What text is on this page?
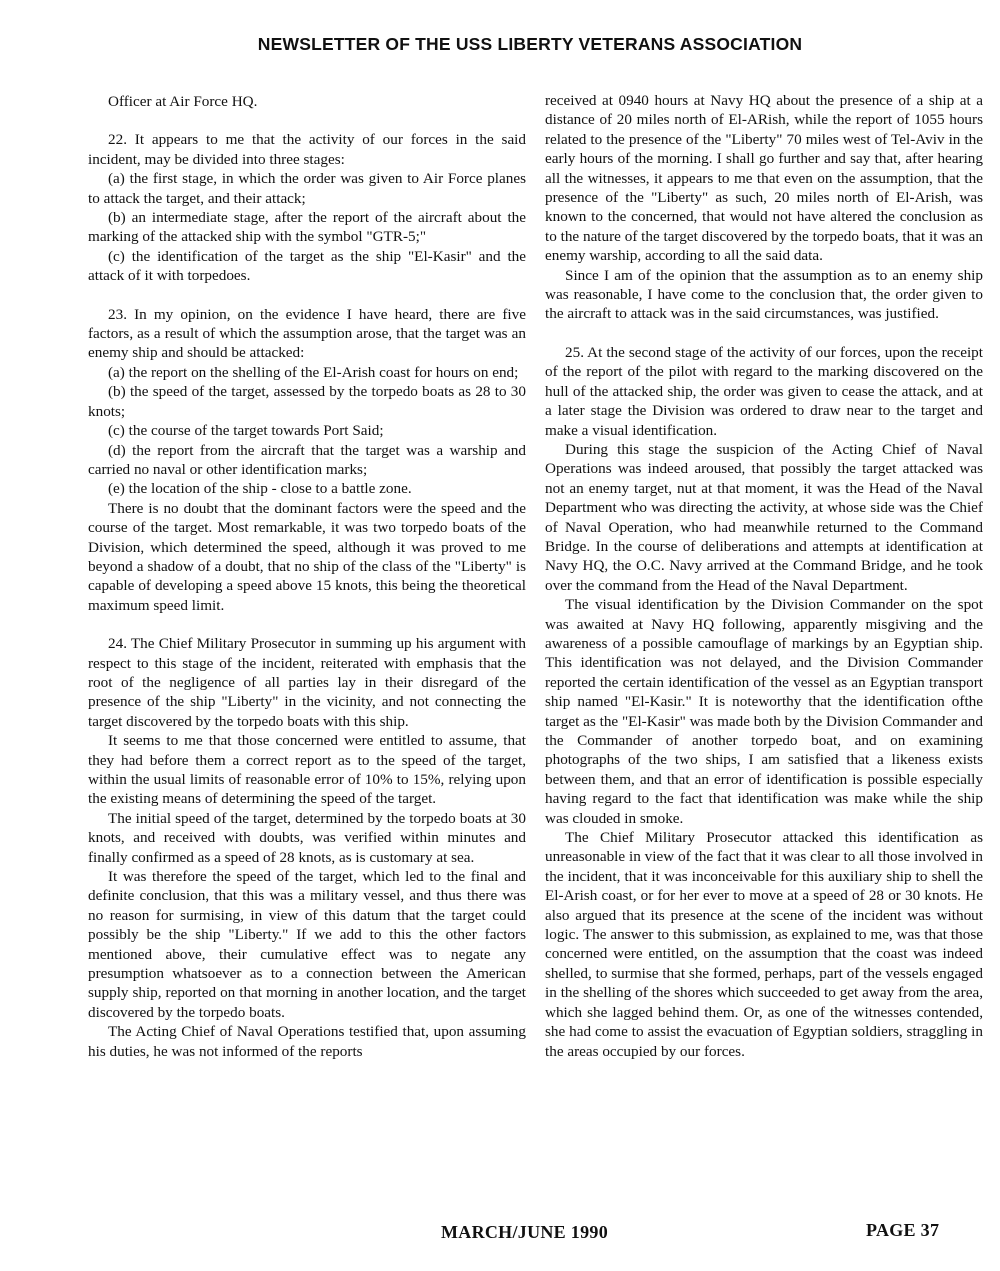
NEWSLETTER OF THE USS LIBERTY VETERANS ASSOCIATION

Officer at Air Force HQ.

22. It appears to me that the activity of our forces in the said incident, may be divided into three stages:

(a) the first stage, in which the order was given to Air Force planes to attack the target, and their attack;

(b) an intermediate stage, after the report of the aircraft about the marking of the attacked ship with the symbol "GTR-5;"

(c) the identification of the target as the ship "El-Kasir" and the attack of it with torpedoes.

23. In my opinion, on the evidence I have heard, there are five factors, as a result of which the assumption arose, that the target was an enemy ship and should be attacked:

(a) the report on the shelling of the El-Arish coast for hours on end;

(b) the speed of the target, assessed by the torpedo boats as 28 to 30 knots;

(c) the course of the target towards Port Said;

(d) the report from the aircraft that the target was a warship and carried no naval or other identification marks;

(e) the location of the ship - close to a battle zone.

There is no doubt that the dominant factors were the speed and the course of the target. Most remarkable, it was two torpedo boats of the Division, which determined the speed, although it was proved to me beyond a shadow of a doubt, that no ship of the class of the "Liberty" is capable of developing a speed above 15 knots, this being the theoretical maximum speed limit.

24. The Chief Military Prosecutor in summing up his argument with respect to this stage of the incident, reiterated with emphasis that the root of the negligence of all parties lay in their disregard of the presence of the ship "Liberty" in the vicinity, and not connecting the target discovered by the torpedo boats with this ship.

It seems to me that those concerned were entitled to assume, that they had before them a correct report as to the speed of the target, within the usual limits of reasonable error of 10% to 15%, relying upon the existing means of determining the speed of the target.

The initial speed of the target, determined by the torpedo boats at 30 knots, and received with doubts, was verified within minutes and finally confirmed as a speed of 28 knots, as is customary at sea.

It was therefore the speed of the target, which led to the final and definite conclusion, that this was a military vessel, and thus there was no reason for surmising, in view of this datum that the target could possibly be the ship "Liberty." If we add to this the other factors mentioned above, their cumulative effect was to negate any presumption whatsoever as to a connection between the American supply ship, reported on that morning in another location, and the target discovered by the torpedo boats.

The Acting Chief of Naval Operations testified that, upon assuming his duties, he was not informed of the reports

received at 0940 hours at Navy HQ about the presence of a ship at a distance of 20 miles north of El-ARish, while the report of 1055 hours related to the presence of the "Liberty" 70 miles west of Tel-Aviv in the early hours of the morning. I shall go further and say that, after hearing all the witnesses, it appears to me that even on the assumption, that the presence of the "Liberty" as such, 20 miles north of El-Arish, was known to the concerned, that would not have altered the conclusion as to the nature of the target discovered by the torpedo boats, that it was an enemy warship, according to all the said data.

Since I am of the opinion that the assumption as to an enemy ship was reasonable, I have come to the conclusion that, the order given to the aircraft to attack was in the said circumstances, was justified.

25. At the second stage of the activity of our forces, upon the receipt of the report of the pilot with regard to the marking discovered on the hull of the attacked ship, the order was given to cease the attack, and at a later stage the Division was ordered to draw near to the target and make a visual identification.

During this stage the suspicion of the Acting Chief of Naval Operations was indeed aroused, that possibly the target attacked was not an enemy target, nut at that moment, it was the Head of the Naval Department who was directing the activity, at whose side was the Chief of Naval Operation, who had meanwhile returned to the Command Bridge. In the course of deliberations and attempts at identification at Navy HQ, the O.C. Navy arrived at the Command Bridge, and he took over the command from the Head of the Naval Department.

The visual identification by the Division Commander on the spot was awaited at Navy HQ following, apparently misgiving and the awareness of a possible camouflage of markings by an Egyptian ship. This identification was not delayed, and the Division Commander reported the certain identification of the vessel as an Egyptian transport ship named "El-Kasir." It is noteworthy that the identification ofthe target as the "El-Kasir" was made both by the Division Commander and the Commander of another torpedo boat, and on examining photographs of the two ships, I am satisfied that a likeness exists between them, and that an error of identification is possible especially having regard to the fact that identification was make while the ship was clouded in smoke.

The Chief Military Prosecutor attacked this identification as unreasonable in view of the fact that it was clear to all those involved in the incident, that it was inconceivable for this auxiliary ship to shell the El-Arish coast, or for her ever to move at a speed of 28 or 30 knots. He also argued that its presence at the scene of the incident was without logic. The answer to this submission, as explained to me, was that those concerned were entitled, on the assumption that the coast was indeed shelled, to surmise that she formed, perhaps, part of the vessels engaged in the shelling of the shores which succeeded to get away from the area, which she lagged behind them. Or, as one of the witnesses contended, she had come to assist the evacuation of Egyptian soldiers, straggling in the areas occupied by our forces.

MARCH/JUNE 1990	PAGE 37
